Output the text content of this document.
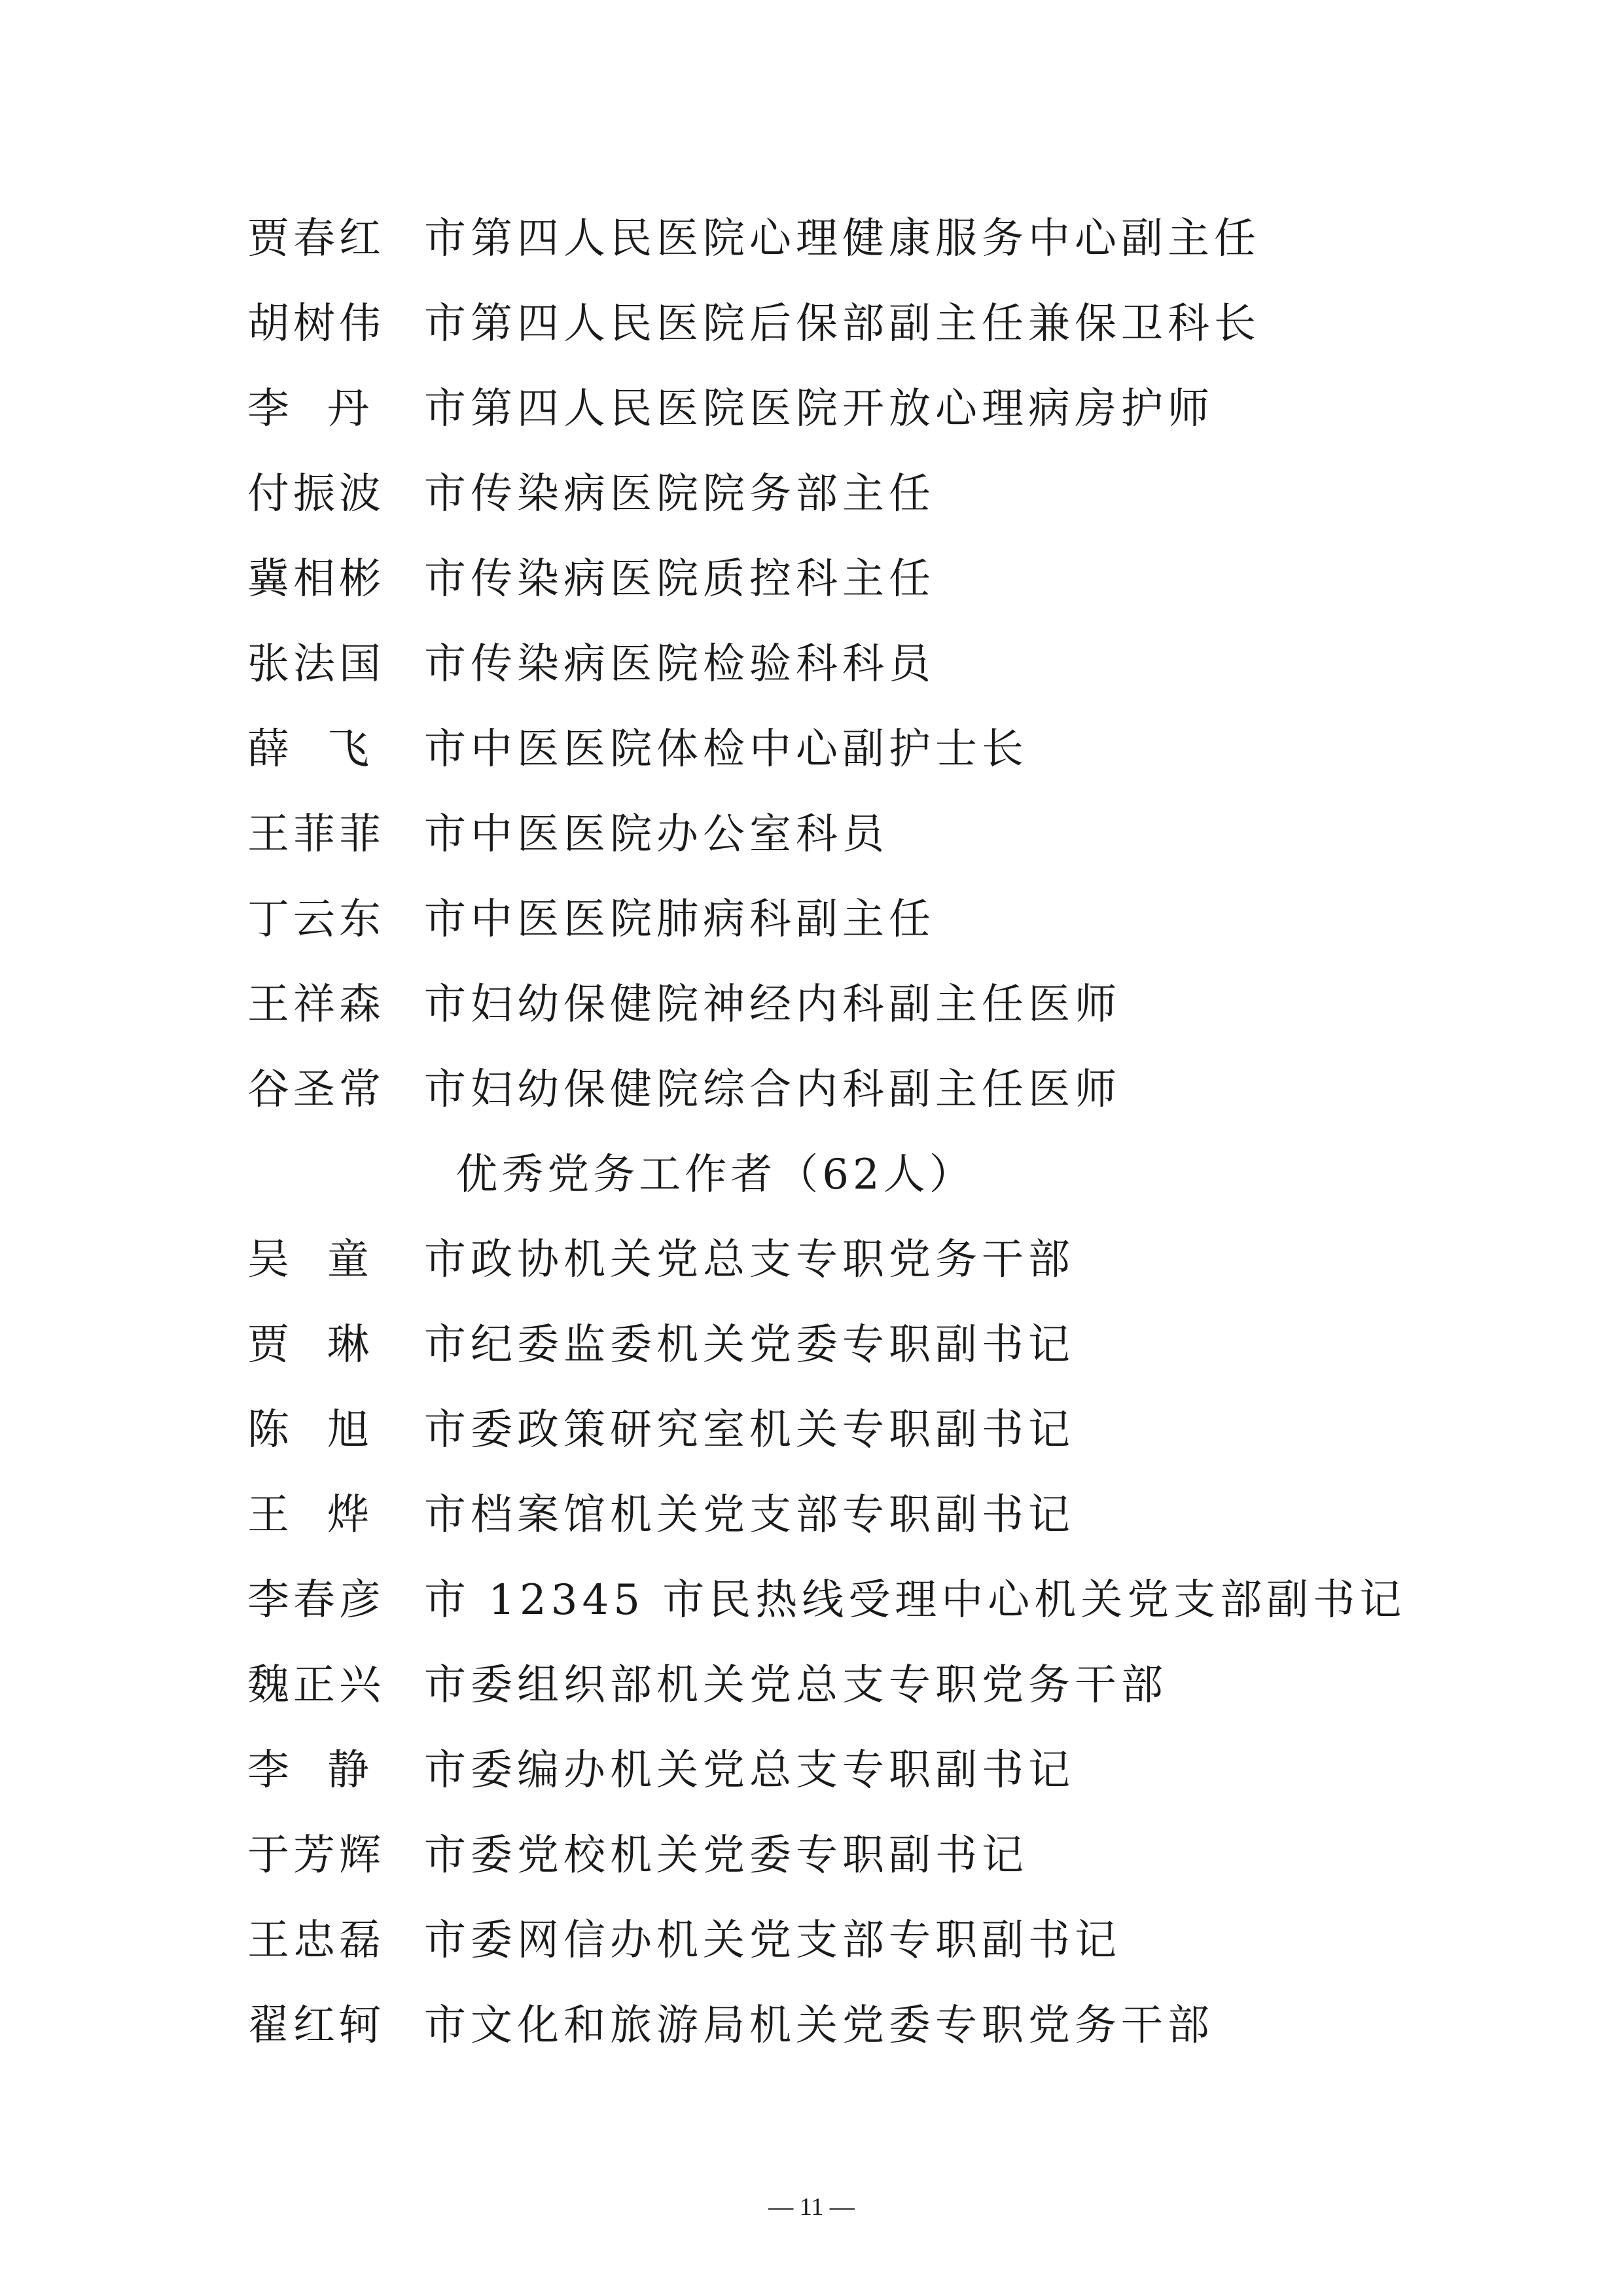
贾春红 市第四人民医院心理健康服务中心副主任
胡树伟 市第四人民医院后保部副主任兼保卫科长
李 丹 市第四人民医院医院开放心理病房护师
付振波 市传染病医院院务部主任
冀相彬 市传染病医院质控科主任
张法国 市传染病医院检验科科员
薛 飞 市中医医院体检中心副护士长
王菲菲 市中医医院办公室科员
丁云东 市中医医院肺病科副主任
王祥森 市妇幼保健院神经内科副主任医师
谷圣常 市妇幼保健院综合内科副主任医师
优秀党务工作者（62人）
吴 童 市政协机关党总支专职党务干部
贾 琳 市纪委监委机关党委专职副书记
陈 旭 市委政策研究室机关专职副书记
王 烨 市档案馆机关党支部专职副书记
李春彦 市 12345 市民热线受理中心机关党支部副书记
魏正兴 市委组织部机关党总支专职党务干部
李 静 市委编办机关党总支专职副书记
于芳辉 市委党校机关党委专职副书记
王忠磊 市委网信办机关党支部专职副书记
翟红轲 市文化和旅游局机关党委专职党务干部
— 11 —
